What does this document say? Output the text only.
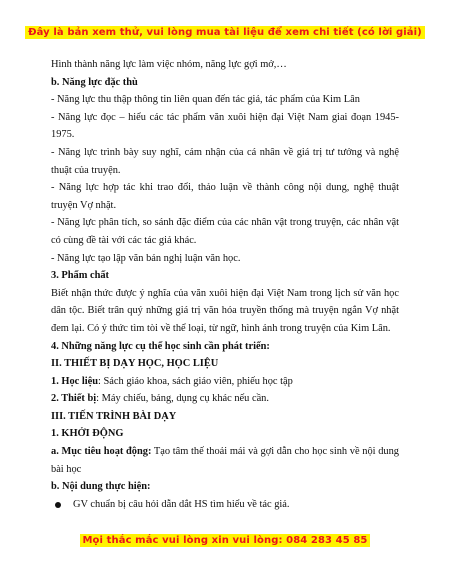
Đây là bản xem thử, vui lòng mua tài liệu để xem chi tiết (có lời giải)

Hình thành năng lực làm việc nhóm, năng lực gợi mở,…

b. Năng lực đặc thù

- Năng lực thu thập thông tin liên quan đến tác giả, tác phẩm của Kim Lân

- Năng lực đọc – hiểu các tác phẩm văn xuôi hiện đại Việt Nam giai đoạn 1945-1975.

- Năng lực trình bày suy nghĩ, cảm nhận của cá nhân về giá trị tư tưởng và nghệ thuật của truyện.

- Năng lực hợp tác khi trao đổi, thảo luận về thành công nội dung, nghệ thuật truyện Vợ nhặt.

- Năng lực phân tích, so sánh đặc điểm của các nhân vật trong truyện, các nhân vật có cùng đề tài với các tác giả khác.

- Năng lực tạo lập văn bản nghị luận văn học.

3. Phẩm chất

Biết nhận thức được ý nghĩa của văn xuôi hiện đại Việt Nam trong lịch sử văn học dân tộc. Biết trân quý những giá trị văn hóa truyền thống mà truyện ngắn Vợ nhặt đem lại. Có ý thức tìm tòi về thể loại, từ ngữ, hình ảnh trong truyện của Kim Lân.

4. Những năng lực cụ thể học sinh cần phát triển:

II. THIẾT BỊ DẠY HỌC, HỌC LIỆU

1. Học liệu: Sách giáo khoa, sách giáo viên, phiếu học tập

2. Thiết bị: Máy chiếu, bảng, dụng cụ khác nếu cần.

III. TIẾN TRÌNH BÀI DẠY

1. KHỞI ĐỘNG

a. Mục tiêu hoạt động: Tạo tâm thế thoải mái và gợi dẫn cho học sinh về nội dung bài học

b. Nội dung thực hiện:

GV chuẩn bị câu hỏi dẫn dắt HS tìm hiểu về tác giả.

Mọi thắc mắc vui lòng xin vui lòng: 084 283 45 85
